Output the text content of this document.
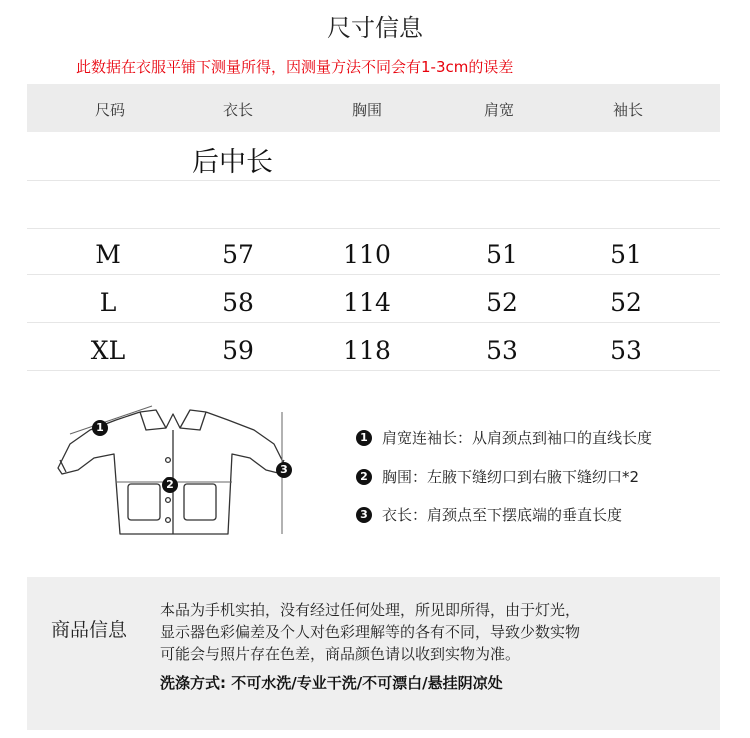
尺寸信息
此数据在衣服平铺下测量所得，因测量方法不同会有1-3cm的误差
尺码	衣长	胸围	肩宽	袖长
后中长
M	57	110	51	51
L	58	114	52	52
XL	59	118	53	53
1
2
3
1 肩宽连袖长：从肩颈点到袖口的直线长度
2 胸围：左腋下缝纫口到右腋下缝纫口*2
3 衣长：肩颈点至下摆底端的垂直长度
商品信息
本品为手机实拍，没有经过任何处理，所见即所得，由于灯光，
显示器色彩偏差及个人对色彩理解等的各有不同，导致少数实物
可能会与照片存在色差，商品颜色请以收到实物为准。
洗涤方式: 不可水洗/专业干洗/不可漂白/悬挂阴凉处
